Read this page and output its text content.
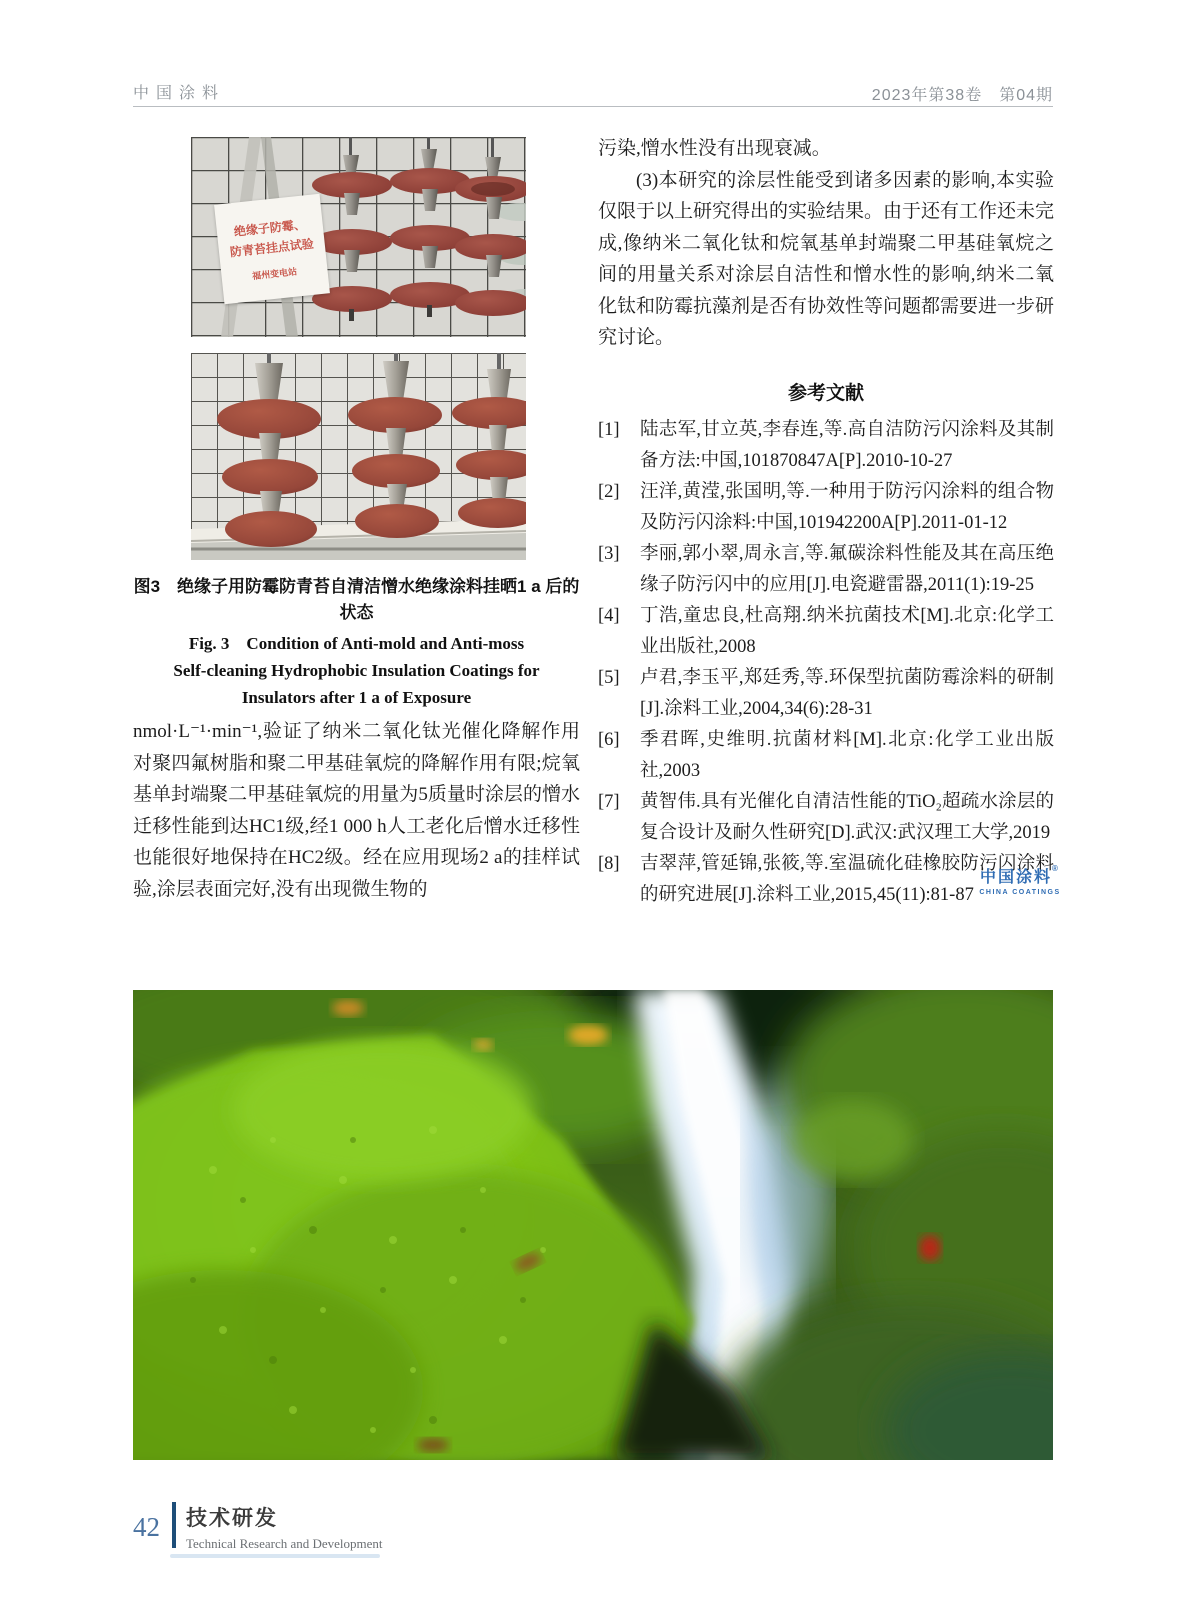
中国涂料	2023年第38卷　第04期
绝缘子防霉、
防青苔挂点试验
福州变电站
图3　绝缘子用防霉防青苔自清洁憎水绝缘涂料挂晒1 a 后的状态
Fig. 3　Condition of Anti-mold and Anti-moss
Self-cleaning Hydrophobic Insulation Coatings for
Insulators after 1 a of Exposure
nmol·L⁻¹·min⁻¹,验证了纳米二氧化钛光催化降解作用对聚四氟树脂和聚二甲基硅氧烷的降解作用有限;烷氧基单封端聚二甲基硅氧烷的用量为5质量时涂层的憎水迁移性能到达HC1级,经1 000 h人工老化后憎水迁移性也能很好地保持在HC2级。经在应用现场2 a的挂样试验,涂层表面完好,没有出现微生物的

污染,憎水性没有出现衰减。

(3)本研究的涂层性能受到诸多因素的影响,本实验仅限于以上研究得出的实验结果。由于还有工作还未完成,像纳米二氧化钛和烷氧基单封端聚二甲基硅氧烷之间的用量关系对涂层自洁性和憎水性的影响,纳米二氧化钛和防霉抗藻剂是否有协效性等问题都需要进一步研究讨论。

参考文献
[1] 陆志军,甘立英,李春连,等.高自洁防污闪涂料及其制备方法:中国,101870847A[P].2010-10-27
[2] 汪洋,黄滢,张国明,等.一种用于防污闪涂料的组合物及防污闪涂料:中国,101942200A[P].2011-01-12
[3] 李丽,郭小翠,周永言,等.氟碳涂料性能及其在高压绝缘子防污闪中的应用[J].电瓷避雷器,2011(1):19-25
[4] 丁浩,童忠良,杜高翔.纳米抗菌技术[M].北京:化学工业出版社,2008
[5] 卢君,李玉平,郑廷秀,等.环保型抗菌防霉涂料的研制[J].涂料工业,2004,34(6):28-31
[6] 季君晖,史维明.抗菌材料[M].北京:化学工业出版社,2003
[7] 黄智伟.具有光催化自清洁性能的TiO₂超疏水涂层的复合设计及耐久性研究[D].武汉:武汉理工大学,2019
[8] 吉翠萍,管延锦,张筱,等.室温硫化硅橡胶防污闪涂料的研究进展[J].涂料工业,2015,45(11):81-87
中国涂料®
CHINA COATINGS
42 技术研发
Technical Research and Development
